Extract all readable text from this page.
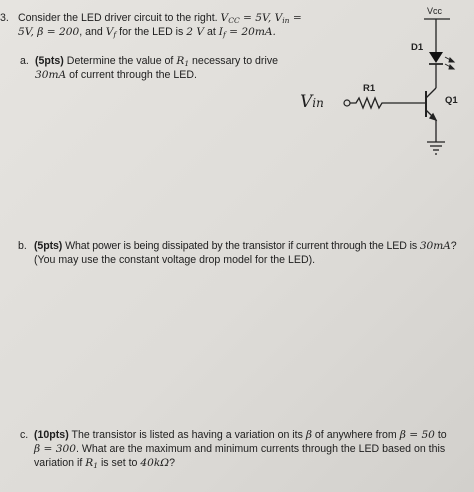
3. Consider the LED driver circuit to the right. $V_{CC} = 5V$, $V_{in}$ =
5V, β = 200, and $V_f$ for the LED is 2 V at $I_f = 20mA$.
a. (5pts) Determine the value of $R_1$ necessary to drive
30mA of current through the LED.
b. (5pts) What power is being dissipated by the transistor if current through the LED is 30mA?
(You may use the constant voltage drop model for the LED).
c. (10pts) The transistor is listed as having a variation on its β of anywhere from β = 50 to
β = 300. What are the maximum and minimum currents through the LED based on this
variation if $R_1$ is set to 40kΩ?
Vcc
D1
Q1
R1
Vin
